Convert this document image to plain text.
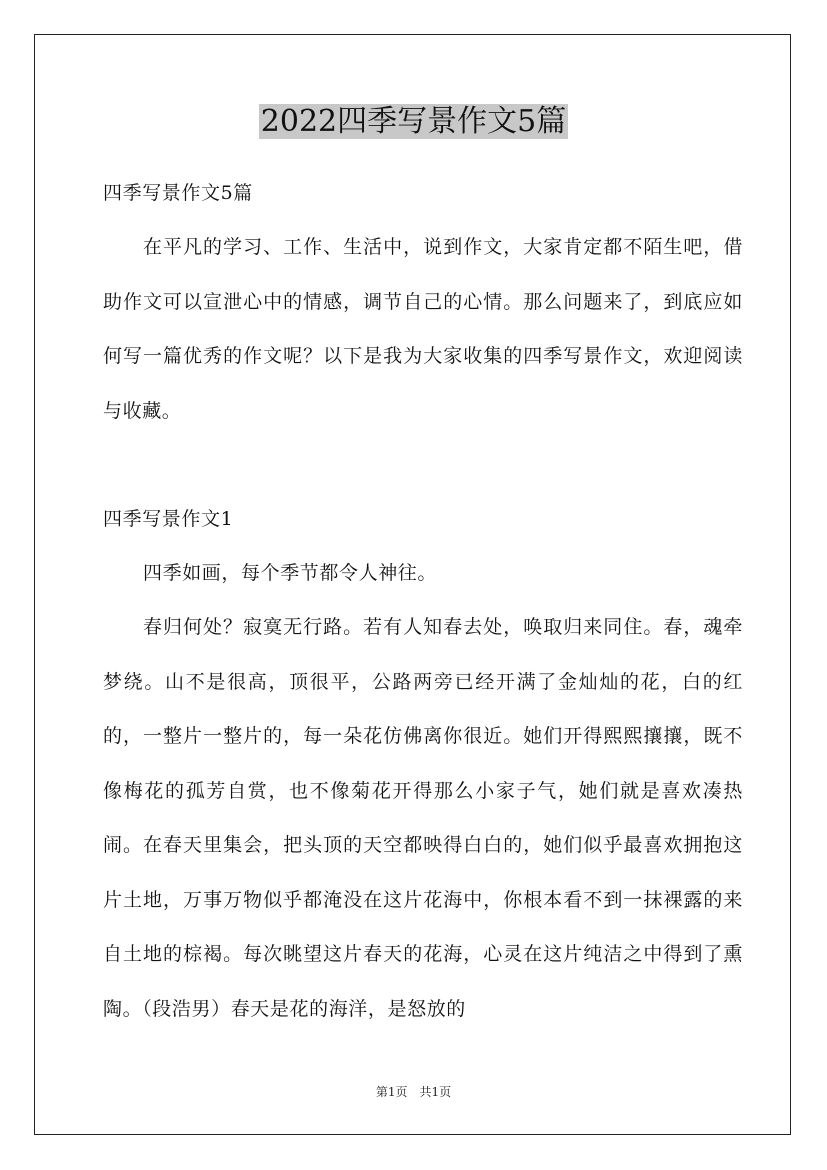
2022四季写景作文5篇

四季写景作文5篇

在平凡的学习、工作、生活中，说到作文，大家肯定都不陌生吧，借助作文可以宣泄心中的情感，调节自己的心情。那么问题来了，到底应如何写一篇优秀的作文呢？以下是我为大家收集的四季写景作文，欢迎阅读与收藏。

四季写景作文1

四季如画，每个季节都令人神往。

春归何处？寂寞无行路。若有人知春去处，唤取归来同住。春，魂牵梦绕。山不是很高，顶很平，公路两旁已经开满了金灿灿的花，白的红的，一整片一整片的，每一朵花仿佛离你很近。她们开得熙熙攘攘，既不像梅花的孤芳自赏，也不像菊花开得那么小家子气，她们就是喜欢凑热闹。在春天里集会，把头顶的天空都映得白白的，她们似乎最喜欢拥抱这片土地，万事万物似乎都淹没在这片花海中，你根本看不到一抹裸露的来自土地的棕褐。每次眺望这片春天的花海，心灵在这片纯洁之中得到了熏陶。（段浩男）春天是花的海洋，是怒放的

第1页　共1页
